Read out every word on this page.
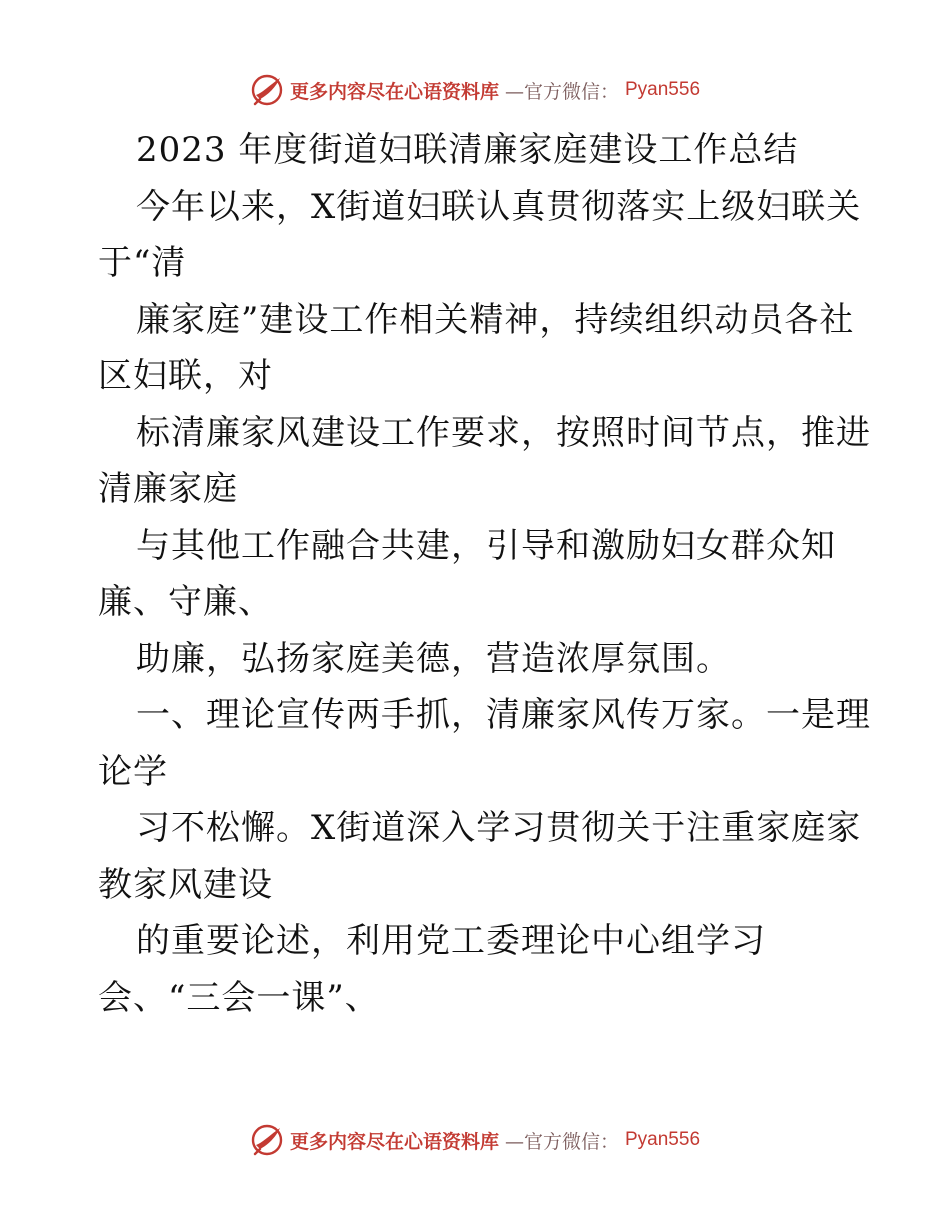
更多内容尽在心语资料库 —官方微信： Pyan556
2023 年度街道妇联清廉家庭建设工作总结
今年以来，X街道妇联认真贯彻落实上级妇联关
于“清
廉家庭”建设工作相关精神，持续组织动员各社
区妇联，对
标清廉家风建设工作要求，按照时间节点，推进
清廉家庭
与其他工作融合共建，引导和激励妇女群众知
廉、守廉、
助廉，弘扬家庭美德，营造浓厚氛围。
一、理论宣传两手抓，清廉家风传万家。一是理
论学
习不松懈。X街道深入学习贯彻关于注重家庭家
教家风建设
的重要论述，利用党工委理论中心组学习
会、“三会一课”、
更多内容尽在心语资料库 —官方微信： Pyan556
